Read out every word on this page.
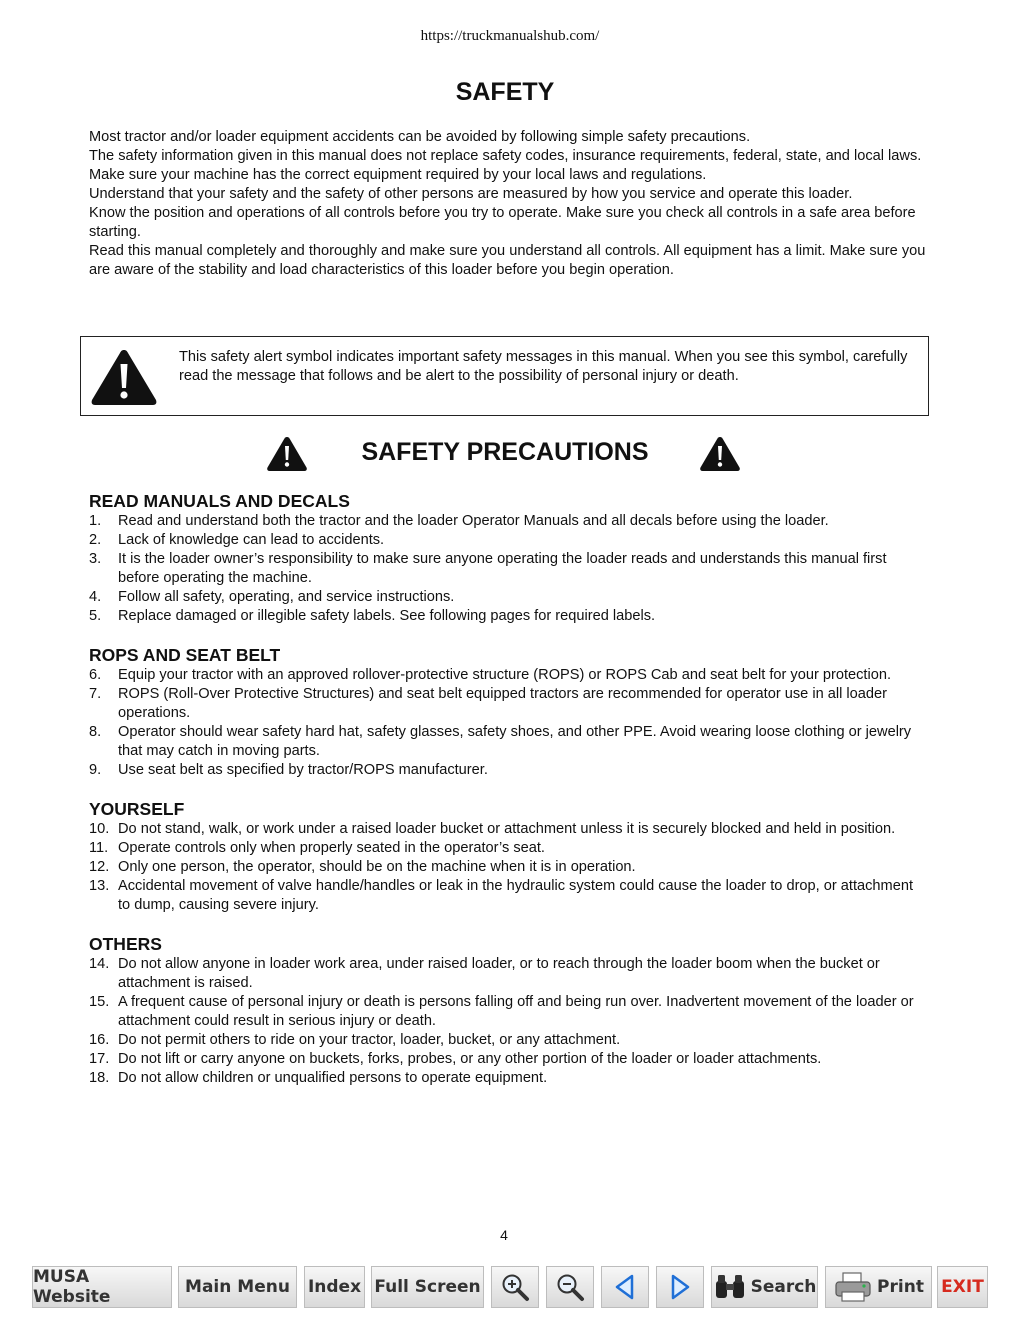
https://truckmanualshub.com/
SAFETY

Most tractor and/or loader equipment accidents can be avoided by following simple safety precautions.

The safety information given in this manual does not replace safety codes, insurance requirements, federal, state, and local laws. Make sure your machine has the correct equipment required by your local laws and regulations.

Understand that your safety and the safety of other persons are measured by how you service and operate this loader.

Know the position and operations of all controls before you try to operate. Make sure you check all controls in a safe area before starting.

Read this manual completely and thoroughly and make sure you understand all controls. All equipment has a limit. Make sure you are aware of the stability and load characteristics of this loader before you begin operation.

This safety alert symbol indicates important safety messages in this manual. When you see this symbol, carefully read the message that follows and be alert to the possibility of personal injury or death.
SAFETY PRECAUTIONS
READ MANUALS AND DECALS
1.	Read and understand both the tractor and the loader Operator Manuals and all decals before using the loader.
2.	Lack of knowledge can lead to accidents.
3.	It is the loader owner’s responsibility to make sure anyone operating the loader reads and understands this manual first before operating the machine.
4.	Follow all safety, operating, and service instructions.
5.	Replace damaged or illegible safety labels. See following pages for required labels.
ROPS AND SEAT BELT
6.	Equip your tractor with an approved rollover-protective structure (ROPS) or ROPS Cab and seat belt for your protection.
7.	ROPS (Roll-Over Protective Structures) and seat belt equipped tractors are recommended for operator use in all loader operations.
8.	Operator should wear safety hard hat, safety glasses, safety shoes, and other PPE. Avoid wearing loose clothing or jewelry that may catch in moving parts.
9.	Use seat belt as specified by tractor/ROPS manufacturer.
YOURSELF
10. Do not stand, walk, or work under a raised loader bucket or attachment unless it is securely blocked and held in position.
11. Operate controls only when properly seated in the operator’s seat.
12. Only one person, the operator, should be on the machine when it is in operation.
13. Accidental movement of valve handle/handles or leak in the hydraulic system could cause the loader to drop, or attachment to dump, causing severe injury.
OTHERS
14. Do not allow anyone in loader work area, under raised loader, or to reach through the loader boom when the bucket or attachment is raised.
15. A frequent cause of personal injury or death is persons falling off and being run over. Inadvertent movement of the loader or attachment could result in serious injury or death.
16. Do not permit others to ride on your tractor, loader, bucket, or any attachment.
17. Do not lift or carry anyone on buckets, forks, probes, or any other portion of the loader or loader attachments.
18. Do not allow children or unqualified persons to operate equipment.
4
MUSA Website	Main Menu	Index Full Screen	Search	Print EXIT
